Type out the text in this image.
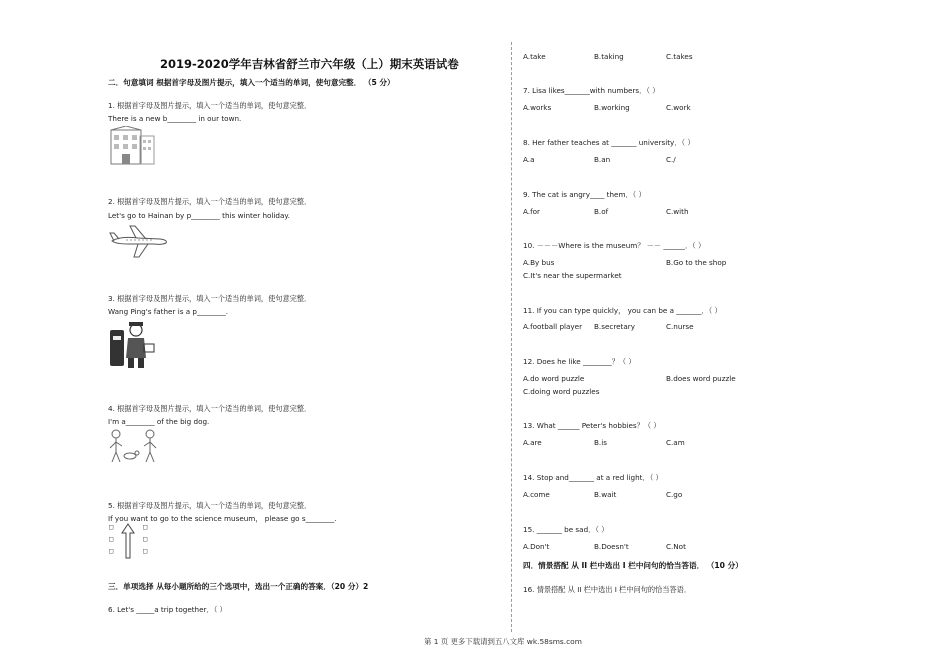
2019-2020学年吉林省舒兰市六年级（上）期末英语试卷
二．句意填词 根据首字母及图片提示，填入一个适当的单词，使句意完整． （5 分）
1. 根据首字母及图片提示，填入一个适当的单词，使句意完整．
There is a new b________ in our town.
2. 根据首字母及图片提示，填入一个适当的单词，使句意完整．
Let's go to Hainan by p________ this winter holiday.
3. 根据首字母及图片提示，填入一个适当的单词，使句意完整．
Wang Ping's father is a p________.
4. 根据首字母及图片提示，填入一个适当的单词，使句意完整．
I'm a________ of the big dog.
5. 根据首字母及图片提示，填入一个适当的单词，使句意完整．
If you want to go to the science museum， please go s________.
□
□
□
□
□
□
三．单项选择 从每小题所给的三个选项中，选出一个正确的答案．（20 分）2
6. Let's _____a trip together．（ ）
A.take	B.taking	C.takes
7. Lisa likes_______with numbers．（ ）
A.works	B.working	C.work
8. Her father teaches at _______ university．（ ）
A.a	B.an	C./
9. The cat is angry____ them．（ ）
A.for	B.of	C.with
10. －－－Where is the museum？ －－ ______．（ ）
A.By bus	B.Go to the shop
C.It's near the supermarket
11. If you can type quickly， you can be a _______．（ ）
A.football player B.secretary	C.nurse
12. Does he like ________？（ ）
A.do word puzzle	B.does word puzzle
C.doing word puzzles
13. What ______ Peter's hobbies？（ ）
A.are	B.is	C.am
14. Stop and_______ at a red light．（ ）
A.come	B.wait	C.go
15. _______ be sad．（ ）
A.Don't	B.Doesn't	C.Not
四．情景搭配 从 II 栏中选出 I 栏中问句的恰当答语． （10 分）
16. 情景搭配 从 II 栏中选出 I 栏中问句的恰当答语．
第 1 页 更多下载请到五八文库 wk.58sms.com
